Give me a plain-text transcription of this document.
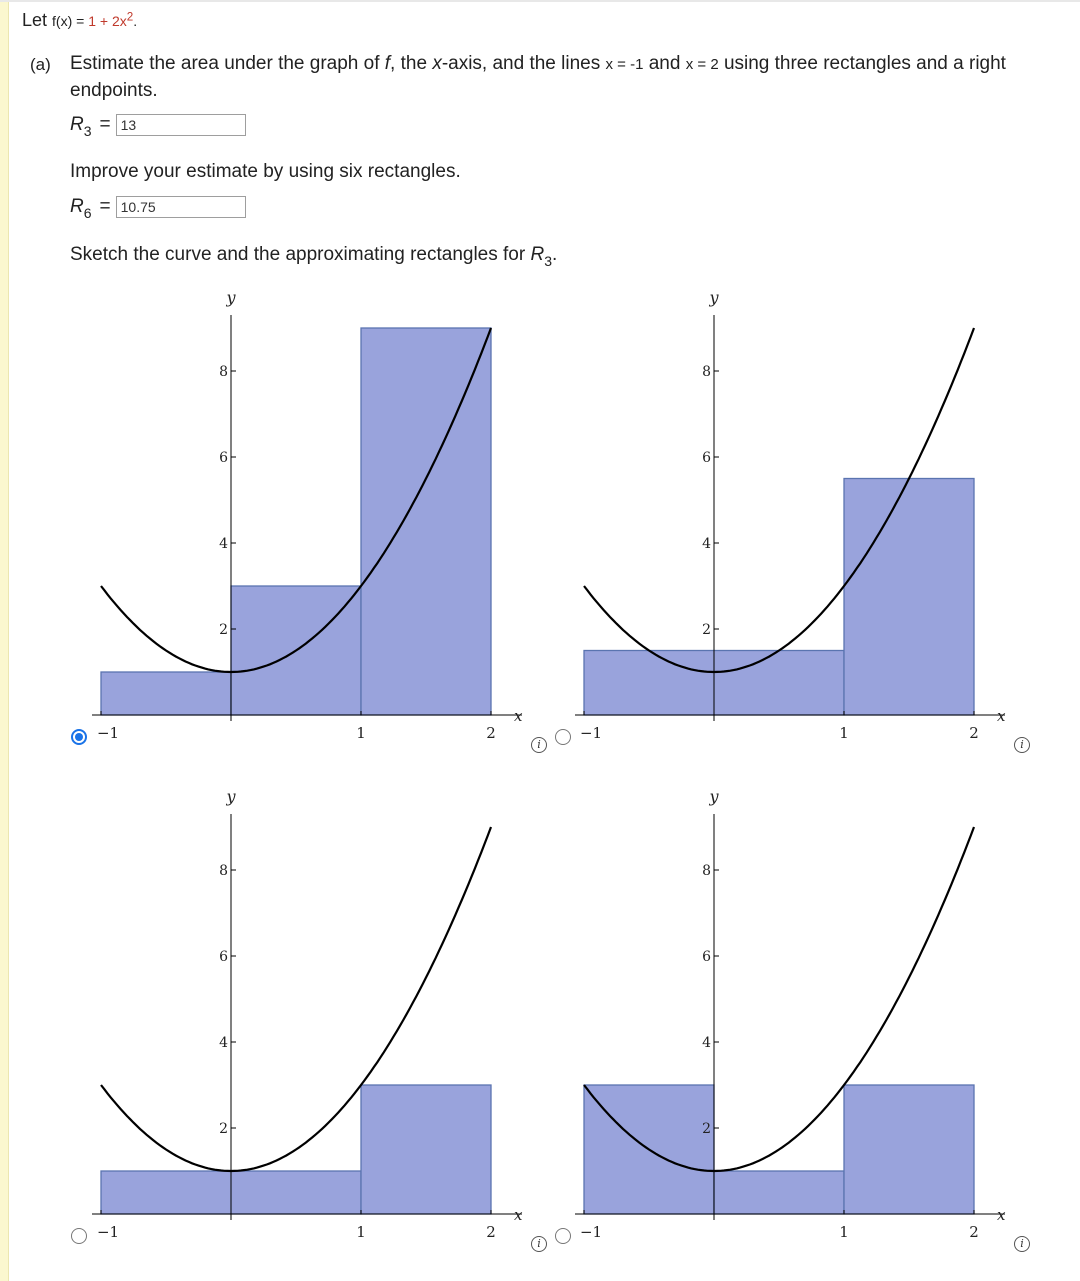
Let $f(x) = 1 + 2x^2$.
(a) Estimate the area under the graph of f, the x-axis, and the lines x = -1 and x = 2 using three rectangles and a right endpoints.
$R_3 = 13$
Improve your estimate by using six rectangles.
$R_6 = 10.75$
Sketch the curve and the approximating rectangles for $R_3$.
2
4
6
8
−1	1	2
x
y
2
4
6
8
−1	1	2
x
y
2
4
6
8
−1	1	2
x
y
2
4
6
8
−1	1	2
x
y
i	i
i	i
